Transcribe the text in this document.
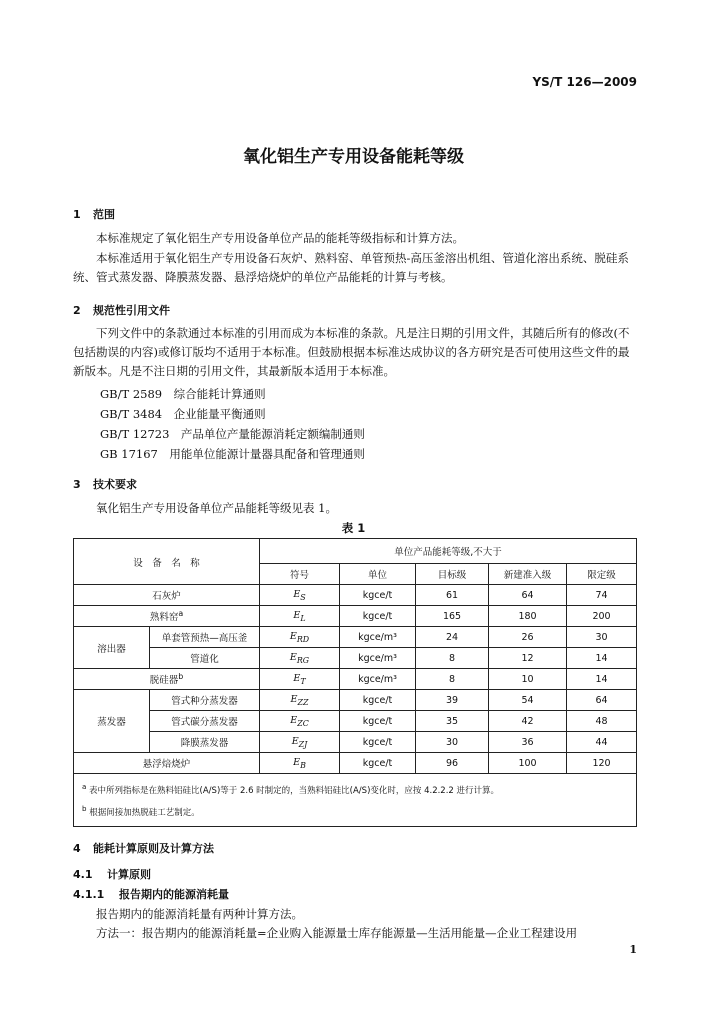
YS/T 126—2009
氧化铝生产专用设备能耗等级
1 范围
本标准规定了氧化铝生产专用设备单位产品的能耗等级指标和计算方法。
本标准适用于氧化铝生产专用设备石灰炉、熟料窑、单管预热-高压釜溶出机组、管道化溶出系统、脱硅系统、管式蒸发器、降膜蒸发器、悬浮焙烧炉的单位产品能耗的计算与考核。
2 规范性引用文件
下列文件中的条款通过本标准的引用而成为本标准的条款。凡是注日期的引用文件，其随后所有的修改(不包括勘误的内容)或修订版均不适用于本标准。但鼓励根据本标准达成协议的各方研究是否可使用这些文件的最新版本。凡是不注日期的引用文件，其最新版本适用于本标准。
GB/T 2589　综合能耗计算通则
GB/T 3484　企业能量平衡通则
GB/T 12723　产品单位产量能源消耗定额编制通则
GB 17167　用能单位能源计量器具配备和管理通则
3 技术要求
氧化铝生产专用设备单位产品能耗等级见表 1。
表 1
设　备　名　称		单位产品能耗等级,不大于				
		符号	单位	目标级	新建准入级	限定级
石灰炉		$E_S$	kgce/t	61	64	74
熟料窑$^a$		$E_L$	kgce/t	165	180	200
溶出器	单套管预热—高压釜	$E_{RD}$	kgce/m³	24	26	30
	管道化	$E_{RG}$	kgce/m³	8	12	14
脱硅器$^b$		$E_T$	kgce/m³	8	10	14
蒸发器	管式种分蒸发器	$E_{ZZ}$	kgce/t	39	54	64
	管式碳分蒸发器	$E_{ZC}$	kgce/t	35	42	48
	降膜蒸发器	$E_{ZJ}$	kgce/t	30	36	44
悬浮焙烧炉		$E_B$	kgce/t	96	100	120

$^a$ 表中所列指标是在熟料铝硅比(A/S)等于 2.6 时制定的，当熟料铝硅比(A/S)变化时，应按 4.2.2.2 进行计算。
$^b$ 根据间接加热脱硅工艺制定。						
4 能耗计算原则及计算方法
4.1 计算原则
4.1.1 报告期内的能源消耗量
报告期内的能源消耗量有两种计算方法。
方法一：报告期内的能源消耗量=企业购入能源量士库存能源量—生活用能量—企业工程建设用
1
